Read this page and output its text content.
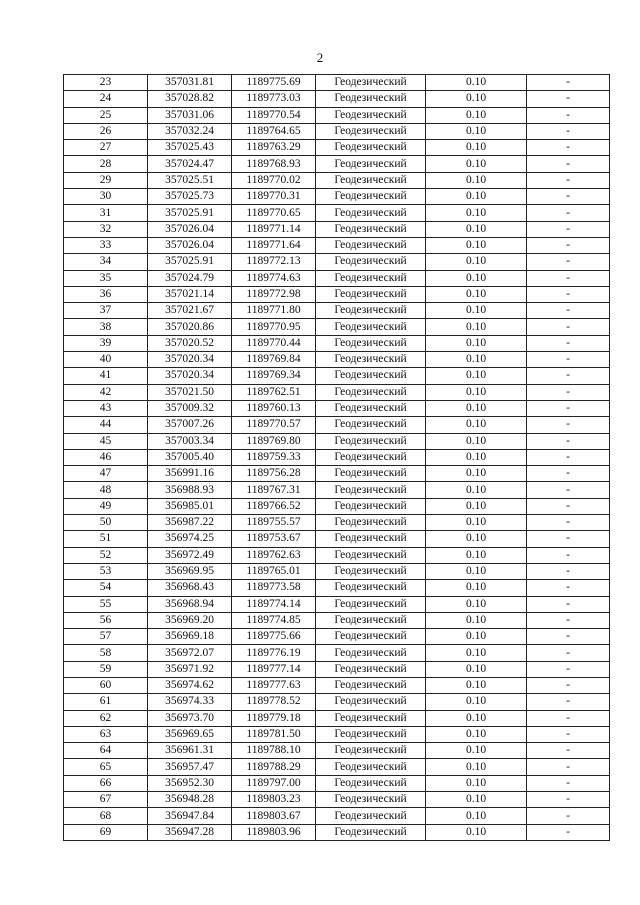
2
23	357031.81	1189775.69	Геодезический	0.10	-
24	357028.82	1189773.03	Геодезический	0.10	-
25	357031.06	1189770.54	Геодезический	0.10	-
26	357032.24	1189764.65	Геодезический	0.10	-
27	357025.43	1189763.29	Геодезический	0.10	-
28	357024.47	1189768.93	Геодезический	0.10	-
29	357025.51	1189770.02	Геодезический	0.10	-
30	357025.73	1189770.31	Геодезический	0.10	-
31	357025.91	1189770.65	Геодезический	0.10	-
32	357026.04	1189771.14	Геодезический	0.10	-
33	357026.04	1189771.64	Геодезический	0.10	-
34	357025.91	1189772.13	Геодезический	0.10	-
35	357024.79	1189774.63	Геодезический	0.10	-
36	357021.14	1189772.98	Геодезический	0.10	-
37	357021.67	1189771.80	Геодезический	0.10	-
38	357020.86	1189770.95	Геодезический	0.10	-
39	357020.52	1189770.44	Геодезический	0.10	-
40	357020.34	1189769.84	Геодезический	0.10	-
41	357020.34	1189769.34	Геодезический	0.10	-
42	357021.50	1189762.51	Геодезический	0.10	-
43	357009.32	1189760.13	Геодезический	0.10	-
44	357007.26	1189770.57	Геодезический	0.10	-
45	357003.34	1189769.80	Геодезический	0.10	-
46	357005.40	1189759.33	Геодезический	0.10	-
47	356991.16	1189756.28	Геодезический	0.10	-
48	356988.93	1189767.31	Геодезический	0.10	-
49	356985.01	1189766.52	Геодезический	0.10	-
50	356987.22	1189755.57	Геодезический	0.10	-
51	356974.25	1189753.67	Геодезический	0.10	-
52	356972.49	1189762.63	Геодезический	0.10	-
53	356969.95	1189765.01	Геодезический	0.10	-
54	356968.43	1189773.58	Геодезический	0.10	-
55	356968.94	1189774.14	Геодезический	0.10	-
56	356969.20	1189774.85	Геодезический	0.10	-
57	356969.18	1189775.66	Геодезический	0.10	-
58	356972.07	1189776.19	Геодезический	0.10	-
59	356971.92	1189777.14	Геодезический	0.10	-
60	356974.62	1189777.63	Геодезический	0.10	-
61	356974.33	1189778.52	Геодезический	0.10	-
62	356973.70	1189779.18	Геодезический	0.10	-
63	356969.65	1189781.50	Геодезический	0.10	-
64	356961.31	1189788.10	Геодезический	0.10	-
65	356957.47	1189788.29	Геодезический	0.10	-
66	356952.30	1189797.00	Геодезический	0.10	-
67	356948.28	1189803.23	Геодезический	0.10	-
68	356947.84	1189803.67	Геодезический	0.10	-
69	356947.28	1189803.96	Геодезический	0.10	-
